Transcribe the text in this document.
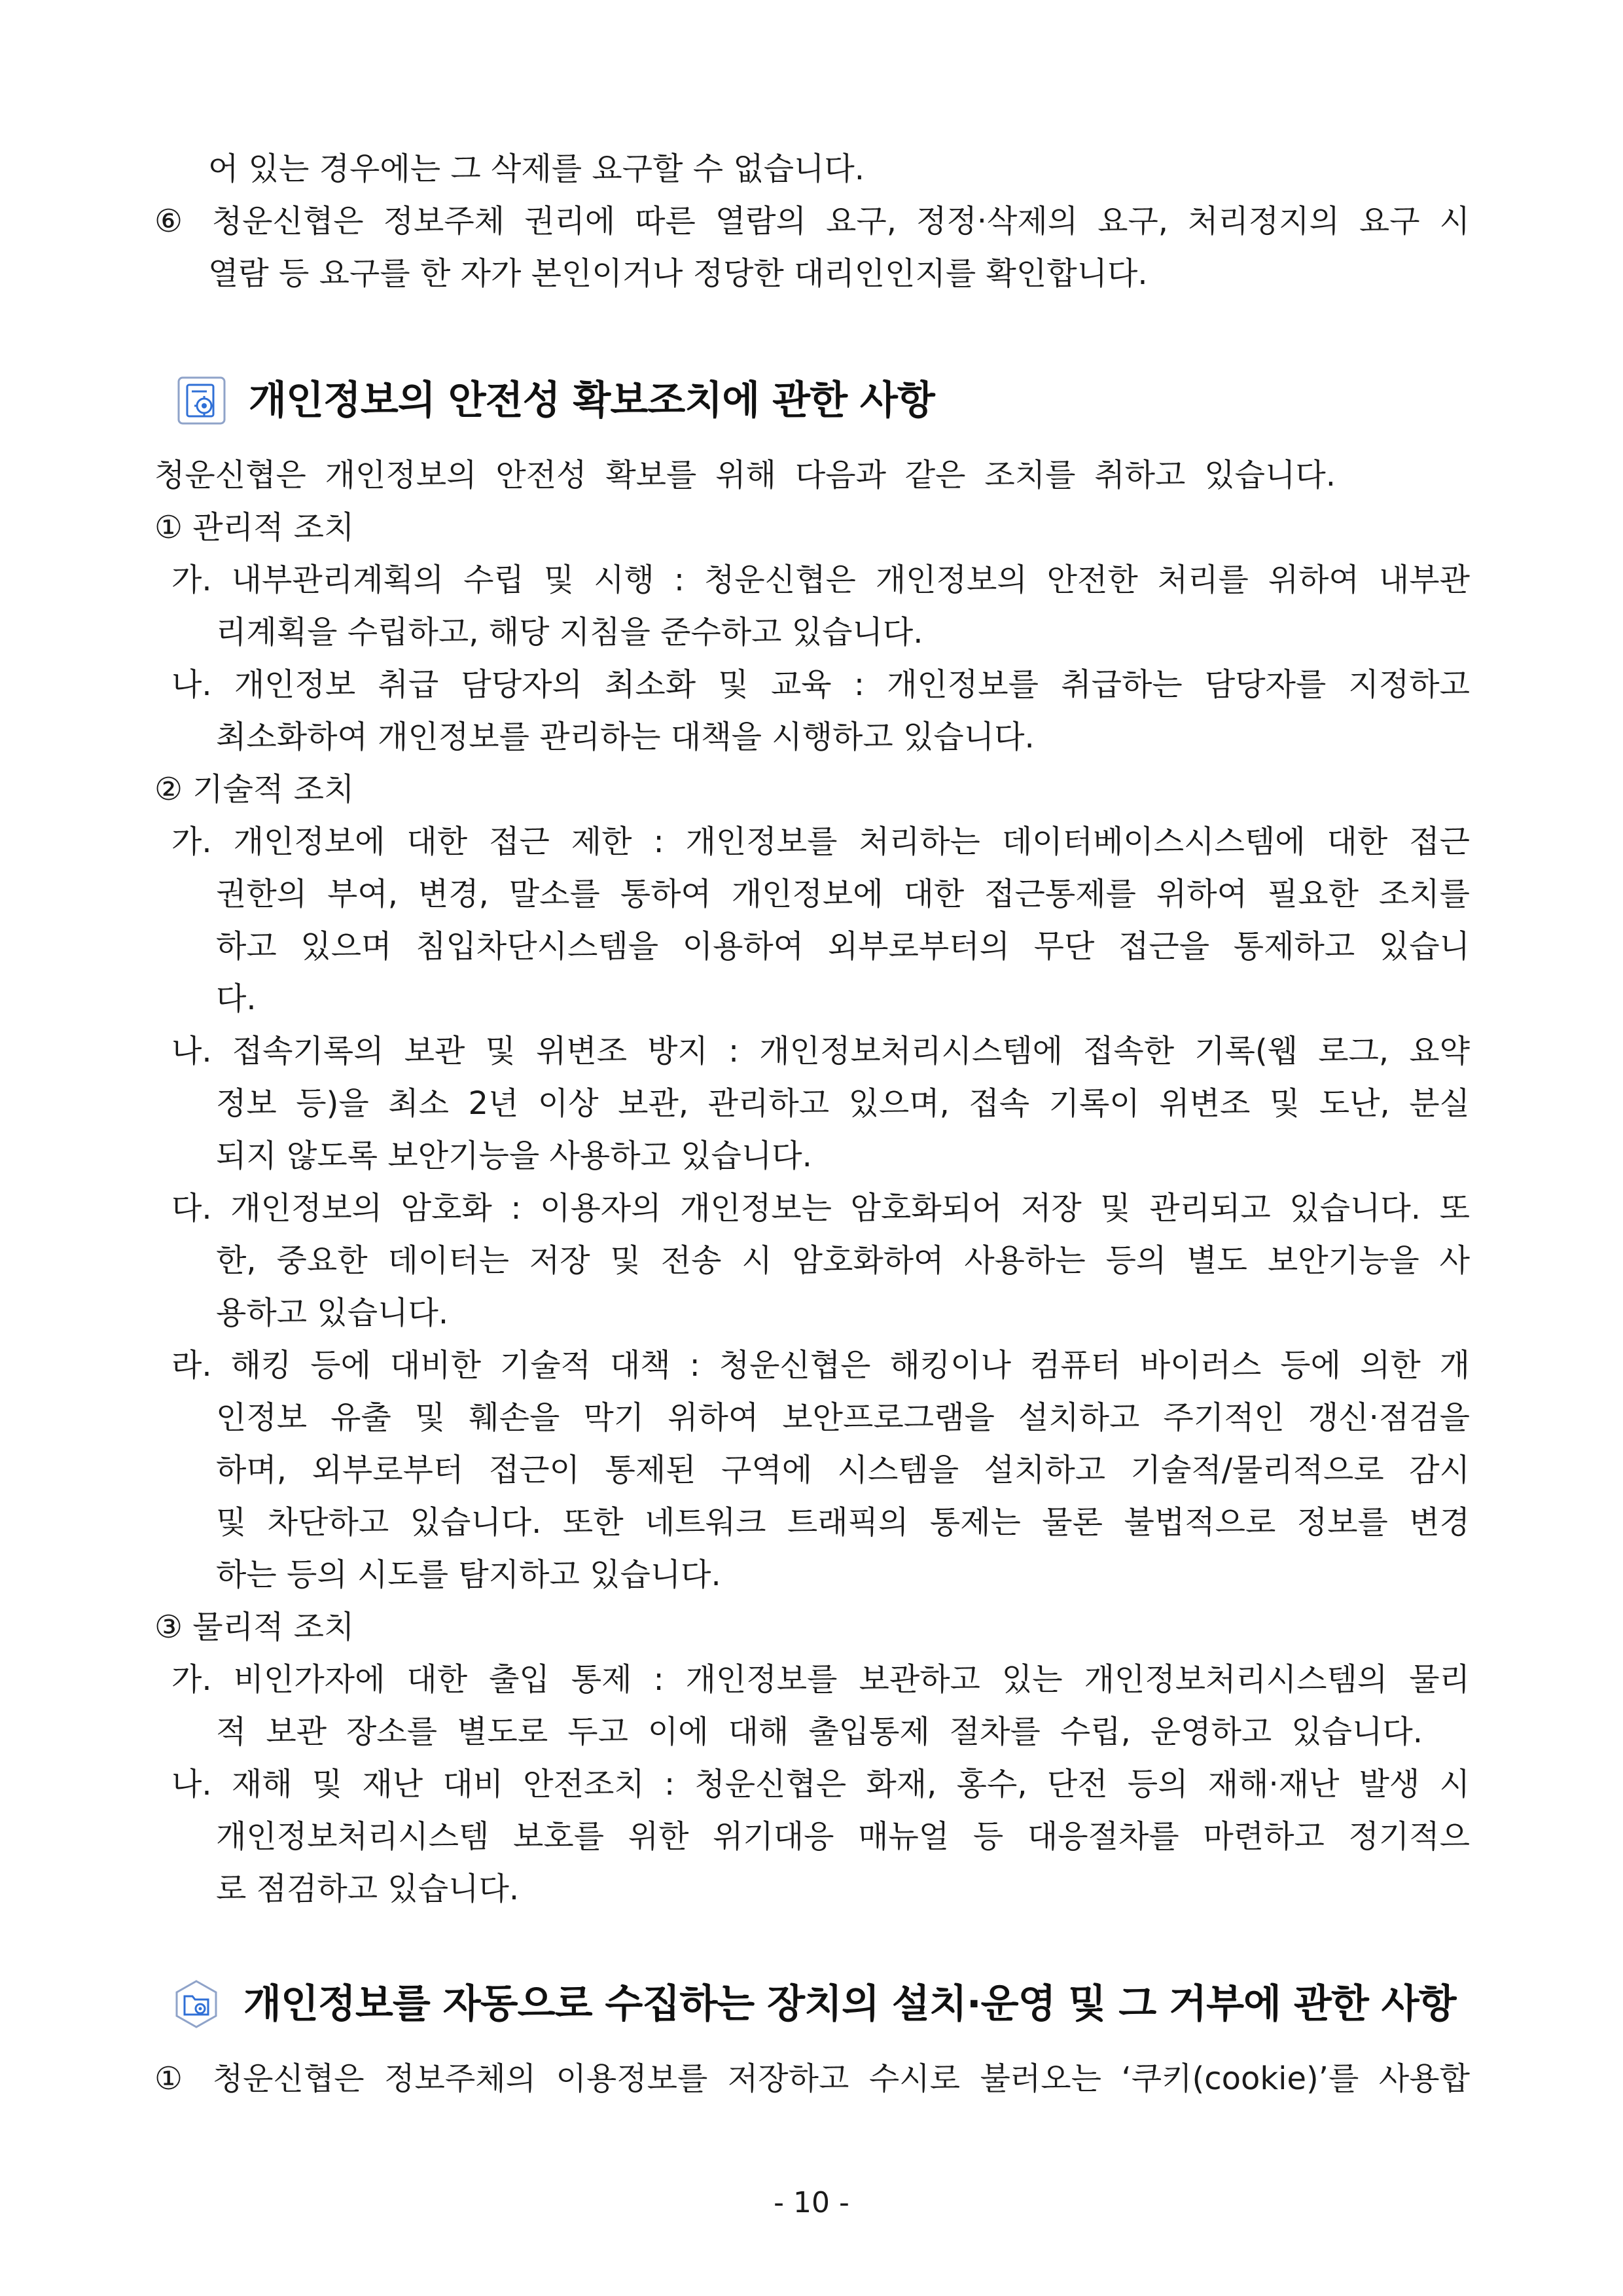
어 있는 경우에는 그 삭제를 요구할 수 없습니다.
⑥ 청운신협은 정보주체 권리에 따른 열람의 요구, 정정·삭제의 요구, 처리정지의 요구 시
열람 등 요구를 한 자가 본인이거나 정당한 대리인인지를 확인합니다.
개인정보의 안전성 확보조치에 관한 사항
청운신협은 개인정보의 안전성 확보를 위해 다음과 같은 조치를 취하고 있습니다.
① 관리적 조치
가. 내부관리계획의 수립 및 시행 : 청운신협은 개인정보의 안전한 처리를 위하여 내부관
리계획을 수립하고, 해당 지침을 준수하고 있습니다.
나. 개인정보 취급 담당자의 최소화 및 교육 : 개인정보를 취급하는 담당자를 지정하고
최소화하여 개인정보를 관리하는 대책을 시행하고 있습니다.
② 기술적 조치
가. 개인정보에 대한 접근 제한 : 개인정보를 처리하는 데이터베이스시스템에 대한 접근
권한의 부여, 변경, 말소를 통하여 개인정보에 대한 접근통제를 위하여 필요한 조치를
하고 있으며 침입차단시스템을 이용하여 외부로부터의 무단 접근을 통제하고 있습니
다.
나. 접속기록의 보관 및 위변조 방지 : 개인정보처리시스템에 접속한 기록(웹 로그, 요약
정보 등)을 최소 2년 이상 보관, 관리하고 있으며, 접속 기록이 위변조 및 도난, 분실
되지 않도록 보안기능을 사용하고 있습니다.
다. 개인정보의 암호화 : 이용자의 개인정보는 암호화되어 저장 및 관리되고 있습니다. 또
한, 중요한 데이터는 저장 및 전송 시 암호화하여 사용하는 등의 별도 보안기능을 사
용하고 있습니다.
라. 해킹 등에 대비한 기술적 대책 : 청운신협은 해킹이나 컴퓨터 바이러스 등에 의한 개
인정보 유출 및 훼손을 막기 위하여 보안프로그램을 설치하고 주기적인 갱신·점검을
하며, 외부로부터 접근이 통제된 구역에 시스템을 설치하고 기술적/물리적으로 감시
및 차단하고 있습니다. 또한 네트워크 트래픽의 통제는 물론 불법적으로 정보를 변경
하는 등의 시도를 탐지하고 있습니다.
③ 물리적 조치
가. 비인가자에 대한 출입 통제 : 개인정보를 보관하고 있는 개인정보처리시스템의 물리
적 보관 장소를 별도로 두고 이에 대해 출입통제 절차를 수립, 운영하고 있습니다.
나. 재해 및 재난 대비 안전조치 : 청운신협은 화재, 홍수, 단전 등의 재해·재난 발생 시
개인정보처리시스템 보호를 위한 위기대응 매뉴얼 등 대응절차를 마련하고 정기적으
로 점검하고 있습니다.
개인정보를 자동으로 수집하는 장치의 설치·운영 및 그 거부에 관한 사항
① 청운신협은 정보주체의 이용정보를 저장하고 수시로 불러오는 ‘쿠키(cookie)’를 사용합
- 10 -
